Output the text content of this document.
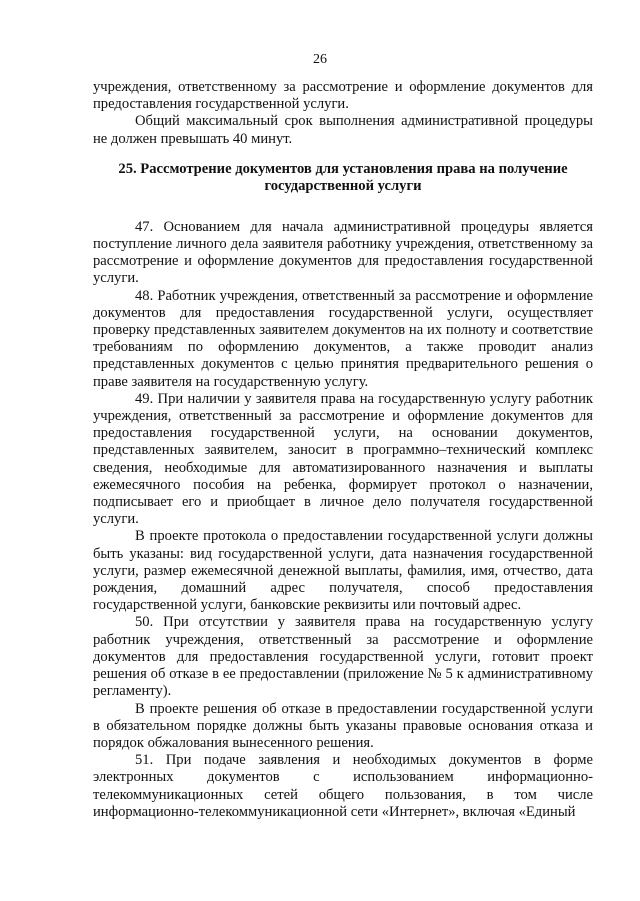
26

учреждения, ответственному за рассмотрение и оформление документов для предоставления государственной услуги.

Общий максимальный срок выполнения административной процедуры не должен превышать 40 минут.

25. Рассмотрение документов для установления права на получение государственной услуги

47. Основанием для начала административной процедуры является поступление личного дела заявителя работнику учреждения, ответственному за рассмотрение и оформление документов для предоставления государственной услуги.

48. Работник учреждения, ответственный за рассмотрение и оформление документов для предоставления государственной услуги, осуществляет проверку представленных заявителем документов на их полноту и соответствие требованиям по оформлению документов, а также проводит анализ представленных документов с целью принятия предварительного решения о праве заявителя на государственную услугу.

49. При наличии у заявителя права на государственную услугу работник учреждения, ответственный за рассмотрение и оформление документов для предоставления государственной услуги, на основании документов, представленных заявителем, заносит в программно–технический комплекс сведения, необходимые для автоматизированного назначения и выплаты ежемесячного пособия на ребенка, формирует протокол о назначении, подписывает его и приобщает в личное дело получателя государственной услуги.

В проекте протокола о предоставлении государственной услуги должны быть указаны: вид государственной услуги, дата назначения государственной услуги, размер ежемесячной денежной выплаты, фамилия, имя, отчество, дата рождения, домашний адрес получателя, способ предоставления государственной услуги, банковские реквизиты или почтовый адрес.

50. При отсутствии у заявителя права на государственную услугу работник учреждения, ответственный за рассмотрение и оформление документов для предоставления государственной услуги, готовит проект решения об отказе в ее предоставлении (приложение № 5 к административному регламенту).

В проекте решения об отказе в предоставлении государственной услуги в обязательном порядке должны быть указаны правовые основания отказа и порядок обжалования вынесенного решения.

51. При подаче заявления и необходимых документов в форме электронных документов с использованием информационно-телекоммуникационных сетей общего пользования, в том числе информационно-телекоммуникационной сети «Интернет», включая «Единый
